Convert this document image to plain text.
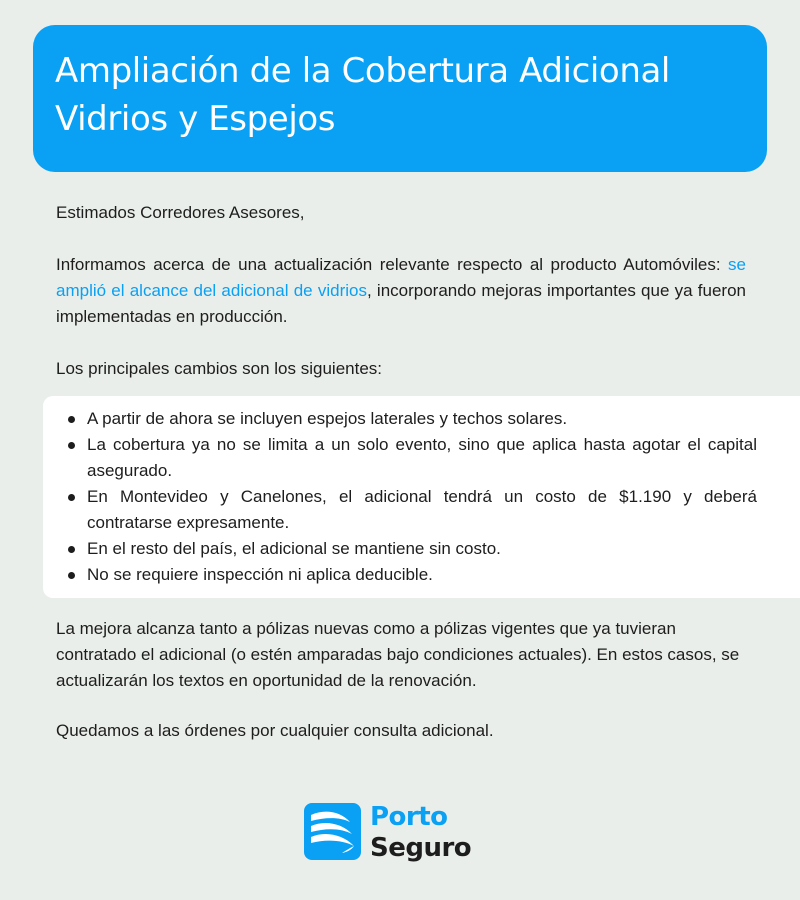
Ampliación de la Cobertura Adicional
Vidrios y Espejos

Estimados Corredores Asesores,

Informamos acerca de una actualización relevante respecto al producto Automóviles: se amplió el alcance del adicional de vidrios, incorporando mejoras importantes que ya fueron implementadas en producción.

Los principales cambios son los siguientes:

A partir de ahora se incluyen espejos laterales y techos solares.
La cobertura ya no se limita a un solo evento, sino que aplica hasta agotar el capital asegurado.
En Montevideo y Canelones, el adicional tendrá un costo de $1.190 y deberá contratarse expresamente.
En el resto del país, el adicional se mantiene sin costo.
No se requiere inspección ni aplica deducible.

La mejora alcanza tanto a pólizas nuevas como a pólizas vigentes que ya tuvieran contratado el adicional (o estén amparadas bajo condiciones actuales). En estos casos, se actualizarán los textos en oportunidad de la renovación.

Quedamos a las órdenes por cualquier consulta adicional.

Porto
Seguro
